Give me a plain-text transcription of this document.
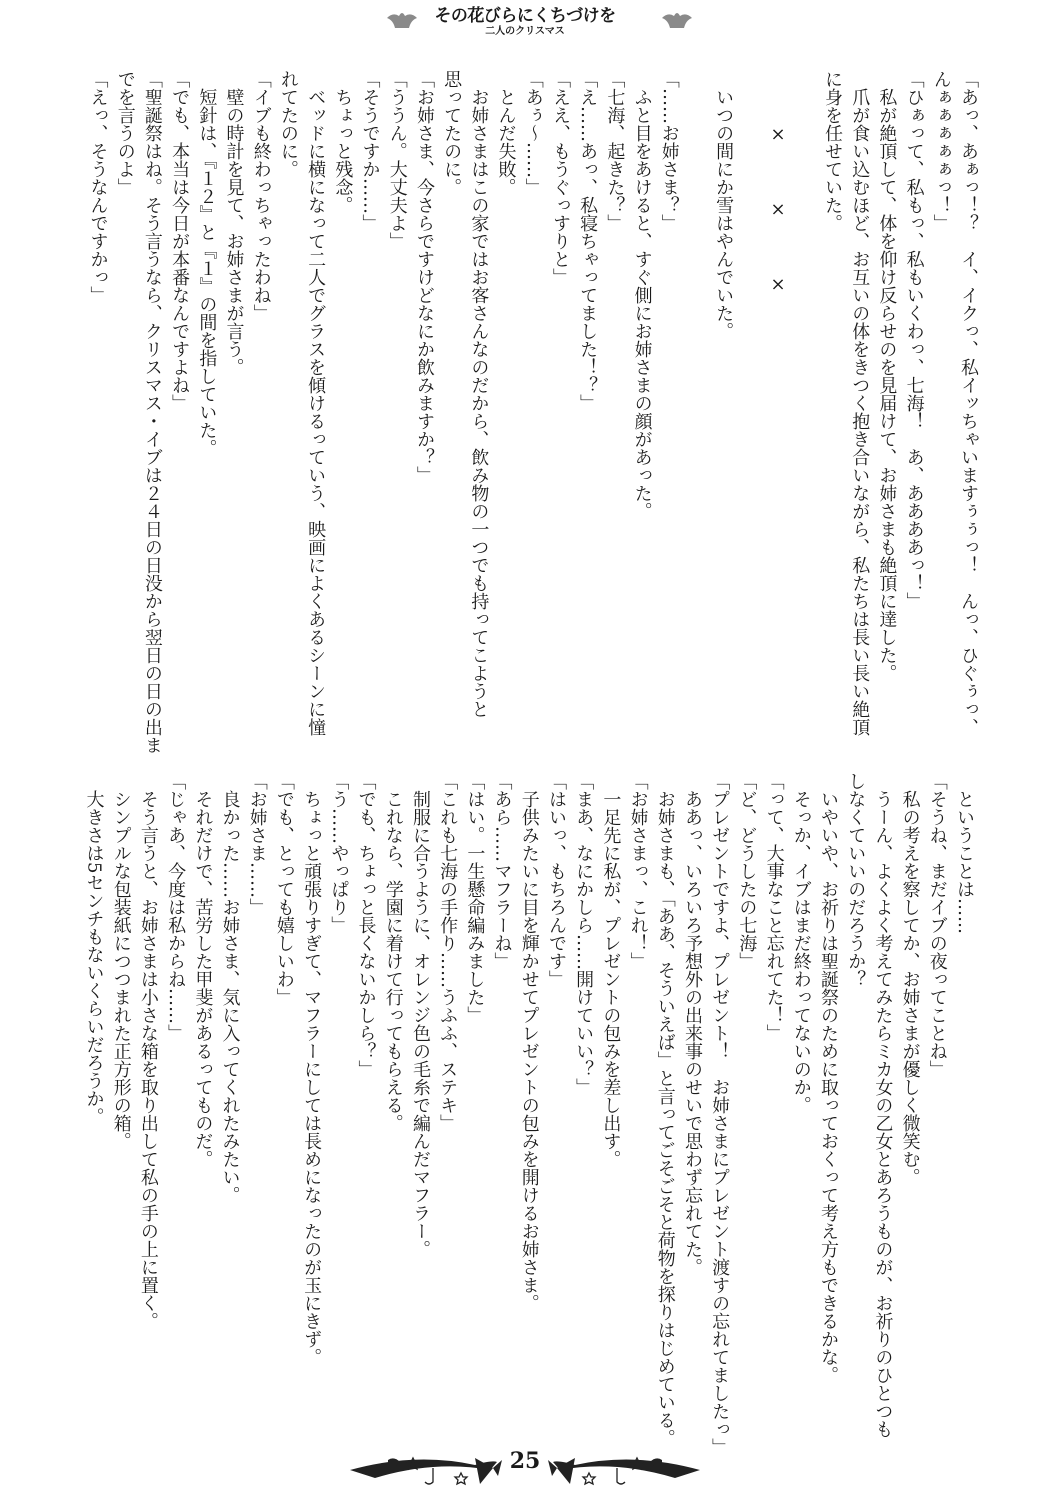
その花びらにくちづけを
二人のクリスマス

「あっ、あぁっ！？　イ、イクっ、私イッちゃいますぅぅっ！　んっ、ひぐぅっ、

んぁぁぁぁぁっ！」

「ひぁって、私もっ、私もいくわっ、七海！　あ、ああああっ！」

　私が絶頂して、体を仰け反らせのを見届けて、お姉さまも絶頂に達した。

　爪が食い込むほど、お互いの体をきつく抱き合いながら、私たちは長い長い絶頂

に身を任せていた。

　　　×　　　×　　　×

　いつの間にか雪はやんでいた。

「……お姉さま？」

　ふと目をあけると、すぐ側にお姉さまの顔があった。

「七海、起きた？」

「え……あっ、私寝ちゃってました！？」

「ええ、もうぐっすりと」

「あぅ～……」

　とんだ失敗。

　お姉さまはこの家ではお客さんなのだから、飲み物の一つでも持ってこようと

思ってたのに。

「お姉さま、今さらですけどなにか飲みますか？」

「ううん。大丈夫よ」

「そうですか……」

　ちょっと残念。

　ベッドに横になって二人でグラスを傾けるっていう、映画によくあるシーンに憧

れてたのに。

「イブも終わっちゃったわね」

　壁の時計を見て、お姉さまが言う。

　短針は、『１２』と『１』の間を指していた。

「でも、本当は今日が本番なんですよね」

「聖誕祭はね。そう言うなら、クリスマス・イブは２４日の日没から翌日の日の出ま

でを言うのよ」

「えっ、そうなんですかっ」

　ということは……

「そうね、まだイブの夜ってことね」

　私の考えを察してか、お姉さまが優しく微笑む。

　うーん、よくよく考えてみたらミカ女の乙女とあろうものが、お祈りのひとつも

しなくていいのだろうか？

　いやいや、お祈りは聖誕祭のために取っておくって考え方もできるかな。

　そっか、イブはまだ終わってないのか。

「って、大事なこと忘れてた！」

「ど、どうしたの七海」

「プレゼントですよ、プレゼント！　お姉さまにプレゼント渡すの忘れてましたっ」

　ああっ、いろいろ予想外の出来事のせいで思わず忘れてた。

　お姉さまも、「ああ、そういえば」と言ってごそごそと荷物を探りはじめている。

「お姉さまっ、これ！」

　一足先に私が、プレゼントの包みを差し出す。

「まあ、なにかしら……開けていい？」

「はいっ、もちろんです」

　子供みたいに目を輝かせてプレゼントの包みを開けるお姉さま。

「あら……マフラーね」

「はい。一生懸命編みました」

「これも七海の手作り……うふふ、ステキ」

　制服に合うように、オレンジ色の毛糸で編んだマフラー。

　これなら、学園に着けて行ってもらえる。

「でも、ちょっと長くないかしら？」

「う……やっぱり」

　ちょっと頑張りすぎて、マフラーにしては長めになったのが玉にきず。

「でも、とっても嬉しいわ」

「お姉さま……」

　良かった……お姉さま、気に入ってくれたみたい。

　それだけで、苦労した甲斐があるってものだ。

「じゃあ、今度は私からね……」

　そう言うと、お姉さまは小さな箱を取り出して私の手の上に置く。

　シンプルな包装紙につつまれた正方形の箱。

　大きさは5センチもないくらいだろうか。

25
